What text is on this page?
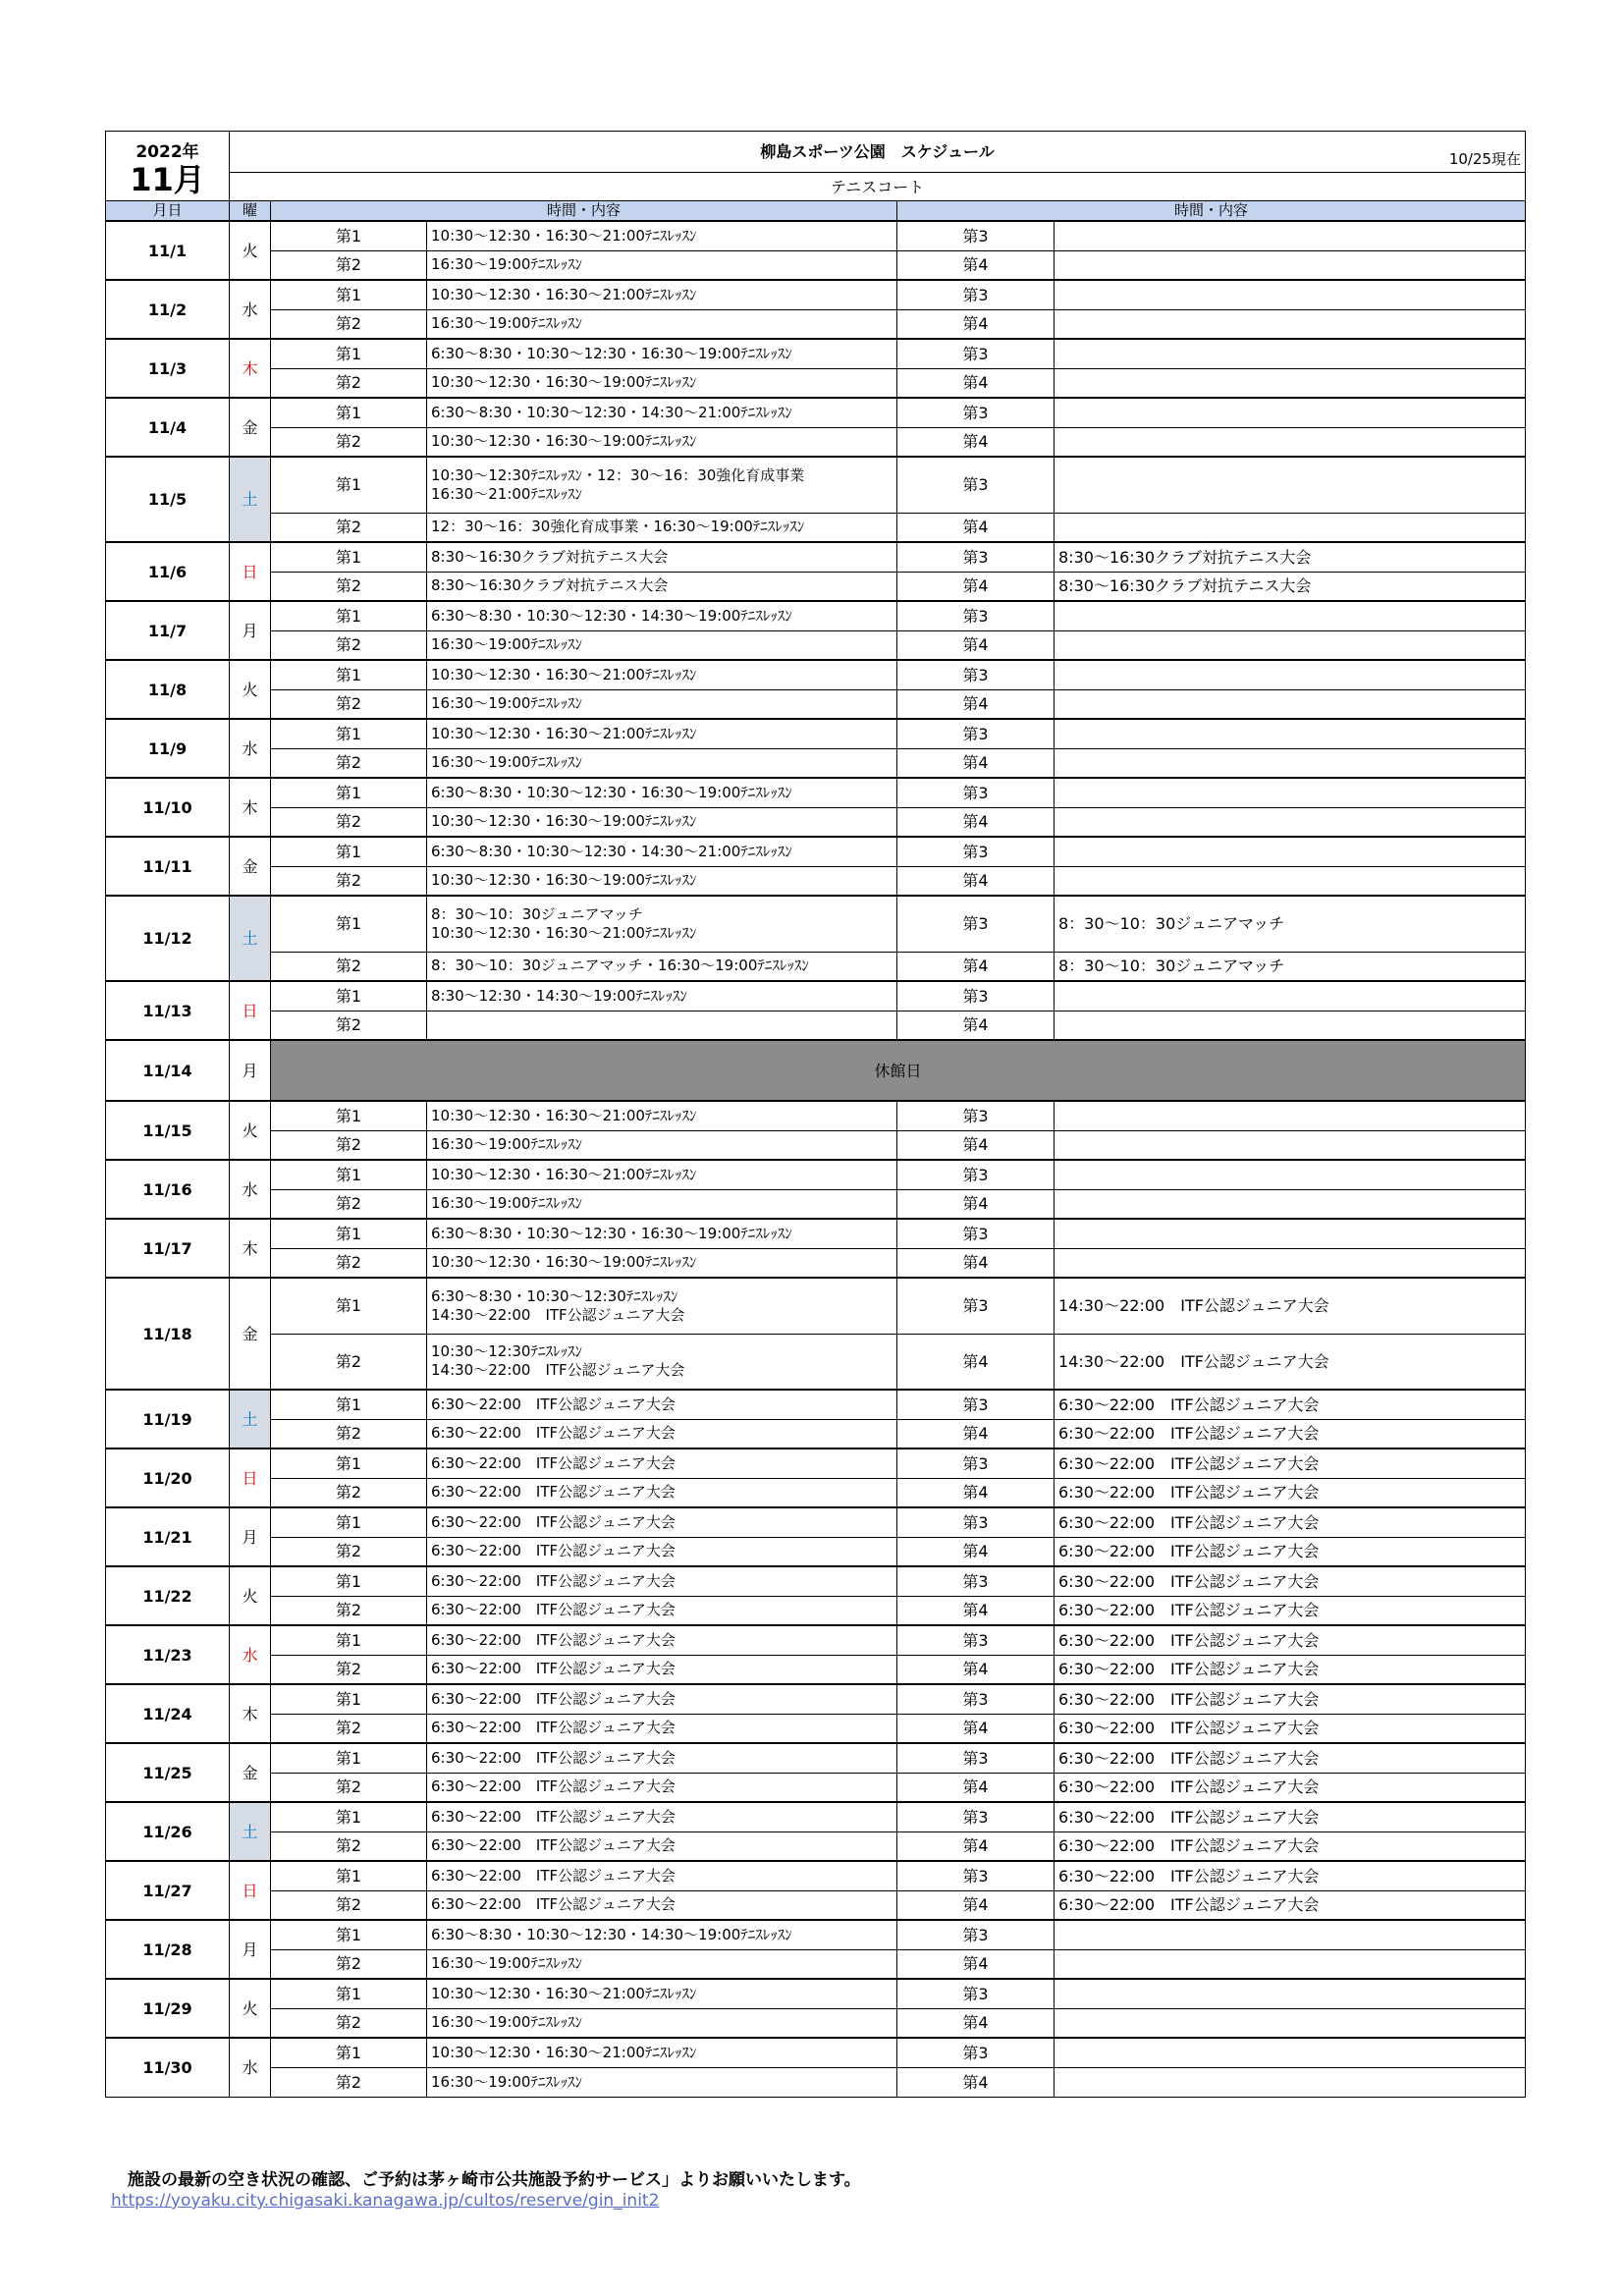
2022年
11月	柳島スポーツ公園　スケジュール 10/25現在				

	テニスコート				
月日	曜	時間・内容		時間・内容	
11/1	火	第1	10:30～12:30・16:30～21:00ﾃﾆｽﾚｯｽﾝ	第3	

		第2	16:30～19:00ﾃﾆｽﾚｯｽﾝ	第4	

11/2	水	第1	10:30～12:30・16:30～21:00ﾃﾆｽﾚｯｽﾝ	第3	

		第2	16:30～19:00ﾃﾆｽﾚｯｽﾝ	第4	

11/3	木	第1	6:30～8:30・10:30～12:30・16:30～19:00ﾃﾆｽﾚｯｽﾝ	第3	

		第2	10:30～12:30・16:30～19:00ﾃﾆｽﾚｯｽﾝ	第4	

11/4	金	第1	6:30～8:30・10:30～12:30・14:30～21:00ﾃﾆｽﾚｯｽﾝ	第3	

		第2	10:30～12:30・16:30～19:00ﾃﾆｽﾚｯｽﾝ	第4	

11/5	土	第1	10:30～12:30ﾃﾆｽﾚｯｽﾝ・12：30～16：30強化育成事業
16:30～21:00ﾃﾆｽﾚｯｽﾝ	第3	

		第2	12：30～16：30強化育成事業・16:30～19:00ﾃﾆｽﾚｯｽﾝ	第4	

11/6	日	第1	8:30～16:30クラブ対抗テニス大会	第3	8:30～16:30クラブ対抗テニス大会

		第2	8:30～16:30クラブ対抗テニス大会	第4	8:30～16:30クラブ対抗テニス大会

11/7	月	第1	6:30～8:30・10:30～12:30・14:30～19:00ﾃﾆｽﾚｯｽﾝ	第3	

		第2	16:30～19:00ﾃﾆｽﾚｯｽﾝ	第4	

11/8	火	第1	10:30～12:30・16:30～21:00ﾃﾆｽﾚｯｽﾝ	第3	

		第2	16:30～19:00ﾃﾆｽﾚｯｽﾝ	第4	

11/9	水	第1	10:30～12:30・16:30～21:00ﾃﾆｽﾚｯｽﾝ	第3	

		第2	16:30～19:00ﾃﾆｽﾚｯｽﾝ	第4	

11/10	木	第1	6:30～8:30・10:30～12:30・16:30～19:00ﾃﾆｽﾚｯｽﾝ	第3	

		第2	10:30～12:30・16:30～19:00ﾃﾆｽﾚｯｽﾝ	第4	

11/11	金	第1	6:30～8:30・10:30～12:30・14:30～21:00ﾃﾆｽﾚｯｽﾝ	第3	

		第2	10:30～12:30・16:30～19:00ﾃﾆｽﾚｯｽﾝ	第4	

11/12	土	第1	8：30～10：30ジュニアマッチ
10:30～12:30・16:30～21:00ﾃﾆｽﾚｯｽﾝ	第3	8：30～10：30ジュニアマッチ

		第2	8：30～10：30ジュニアマッチ・16:30～19:00ﾃﾆｽﾚｯｽﾝ	第4	8：30～10：30ジュニアマッチ

11/13	日	第1	8:30～12:30・14:30～19:00ﾃﾆｽﾚｯｽﾝ	第3	

		第2		第4	

11/14	月	休館日			
11/15	火	第1	10:30～12:30・16:30～21:00ﾃﾆｽﾚｯｽﾝ	第3	

		第2	16:30～19:00ﾃﾆｽﾚｯｽﾝ	第4	

11/16	水	第1	10:30～12:30・16:30～21:00ﾃﾆｽﾚｯｽﾝ	第3	

		第2	16:30～19:00ﾃﾆｽﾚｯｽﾝ	第4	

11/17	木	第1	6:30～8:30・10:30～12:30・16:30～19:00ﾃﾆｽﾚｯｽﾝ	第3	

		第2	10:30～12:30・16:30～19:00ﾃﾆｽﾚｯｽﾝ	第4	

11/18	金	第1	6:30～8:30・10:30～12:30ﾃﾆｽﾚｯｽﾝ
14:30～22:00　ITF公認ジュニア大会	第3	14:30～22:00　ITF公認ジュニア大会

		第2	10:30～12:30ﾃﾆｽﾚｯｽﾝ
14:30～22:00　ITF公認ジュニア大会	第4	14:30～22:00　ITF公認ジュニア大会

11/19	土	第1	6:30～22:00　ITF公認ジュニア大会	第3	6:30～22:00　ITF公認ジュニア大会

		第2	6:30～22:00　ITF公認ジュニア大会	第4	6:30～22:00　ITF公認ジュニア大会

11/20	日	第1	6:30～22:00　ITF公認ジュニア大会	第3	6:30～22:00　ITF公認ジュニア大会

		第2	6:30～22:00　ITF公認ジュニア大会	第4	6:30～22:00　ITF公認ジュニア大会

11/21	月	第1	6:30～22:00　ITF公認ジュニア大会	第3	6:30～22:00　ITF公認ジュニア大会

		第2	6:30～22:00　ITF公認ジュニア大会	第4	6:30～22:00　ITF公認ジュニア大会

11/22	火	第1	6:30～22:00　ITF公認ジュニア大会	第3	6:30～22:00　ITF公認ジュニア大会

		第2	6:30～22:00　ITF公認ジュニア大会	第4	6:30～22:00　ITF公認ジュニア大会

11/23	水	第1	6:30～22:00　ITF公認ジュニア大会	第3	6:30～22:00　ITF公認ジュニア大会

		第2	6:30～22:00　ITF公認ジュニア大会	第4	6:30～22:00　ITF公認ジュニア大会

11/24	木	第1	6:30～22:00　ITF公認ジュニア大会	第3	6:30～22:00　ITF公認ジュニア大会

		第2	6:30～22:00　ITF公認ジュニア大会	第4	6:30～22:00　ITF公認ジュニア大会

11/25	金	第1	6:30～22:00　ITF公認ジュニア大会	第3	6:30～22:00　ITF公認ジュニア大会

		第2	6:30～22:00　ITF公認ジュニア大会	第4	6:30～22:00　ITF公認ジュニア大会

11/26	土	第1	6:30～22:00　ITF公認ジュニア大会	第3	6:30～22:00　ITF公認ジュニア大会

		第2	6:30～22:00　ITF公認ジュニア大会	第4	6:30～22:00　ITF公認ジュニア大会

11/27	日	第1	6:30～22:00　ITF公認ジュニア大会	第3	6:30～22:00　ITF公認ジュニア大会

		第2	6:30～22:00　ITF公認ジュニア大会	第4	6:30～22:00　ITF公認ジュニア大会

11/28	月	第1	6:30～8:30・10:30～12:30・14:30～19:00ﾃﾆｽﾚｯｽﾝ	第3	

		第2	16:30～19:00ﾃﾆｽﾚｯｽﾝ	第4	

11/29	火	第1	10:30～12:30・16:30～21:00ﾃﾆｽﾚｯｽﾝ	第3	

		第2	16:30～19:00ﾃﾆｽﾚｯｽﾝ	第4	

11/30	水	第1	10:30～12:30・16:30～21:00ﾃﾆｽﾚｯｽﾝ	第3	

		第2	16:30～19:00ﾃﾆｽﾚｯｽﾝ	第4	
施設の最新の空き状況の確認、ご予約は茅ヶ崎市公共施設予約サービス」よりお願いいたします。
https://yoyaku.city.chigasaki.kanagawa.jp/cultos/reserve/gin_init2
